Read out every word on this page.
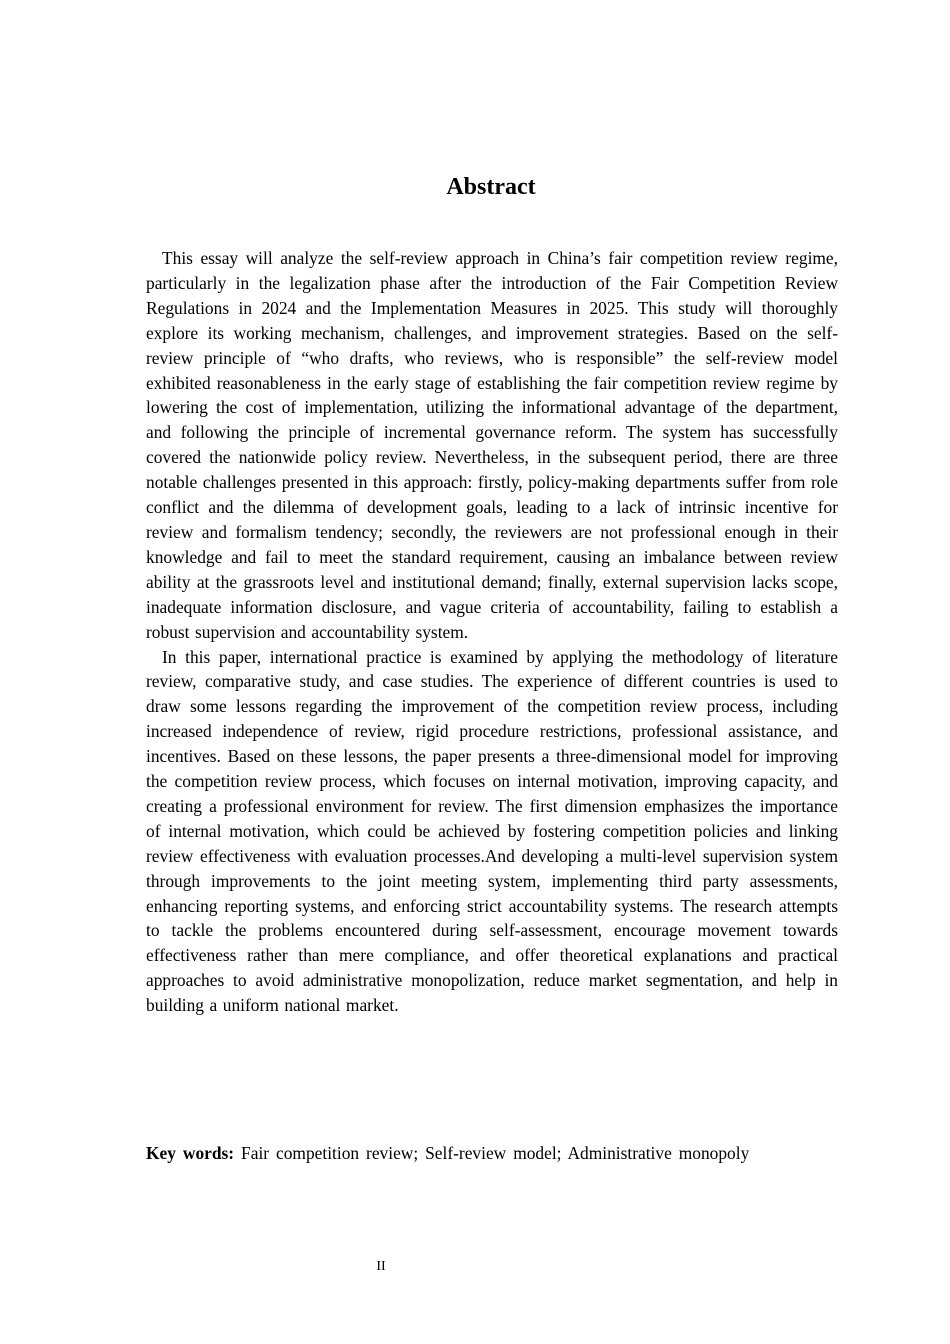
Abstract

This essay will analyze the self-review approach in China’s fair competition review regime, particularly in the legalization phase after the introduction of the Fair Competition Review Regulations in 2024 and the Implementation Measures in 2025. This study will thoroughly explore its working mechanism, challenges, and improvement strategies. Based on the self-review principle of “who drafts, who reviews, who is responsible” the self-review model exhibited reasonableness in the early stage of establishing the fair competition review regime by lowering the cost of implementation, utilizing the informational advantage of the department, and following the principle of incremental governance reform. The system has successfully covered the nationwide policy review. Nevertheless, in the subsequent period, there are three notable challenges presented in this approach: firstly, policy-making departments suffer from role conflict and the dilemma of development goals, leading to a lack of intrinsic incentive for review and formalism tendency; secondly, the reviewers are not professional enough in their knowledge and fail to meet the standard requirement, causing an imbalance between review ability at the grassroots level and institutional demand; finally, external supervision lacks scope, inadequate information disclosure, and vague criteria of accountability, failing to establish a robust supervision and accountability system.

In this paper, international practice is examined by applying the methodology of literature review, comparative study, and case studies. The experience of different countries is used to draw some lessons regarding the improvement of the competition review process, including increased independence of review, rigid procedure restrictions, professional assistance, and incentives. Based on these lessons, the paper presents a three-dimensional model for improving the competition review process, which focuses on internal motivation, improving capacity, and creating a professional environment for review. The first dimension emphasizes the importance of internal motivation, which could be achieved by fostering competition policies and linking review effectiveness with evaluation processes.And developing a multi-level supervision system through improvements to the joint meeting system, implementing third party assessments, enhancing reporting systems, and enforcing strict accountability systems. The research attempts to tackle the problems encountered during self-assessment, encourage movement towards effectiveness rather than mere compliance, and offer theoretical explanations and practical approaches to avoid administrative monopolization, reduce market segmentation, and help in building a uniform national market.

Key words: Fair competition review; Self-review model; Administrative monopoly
II
